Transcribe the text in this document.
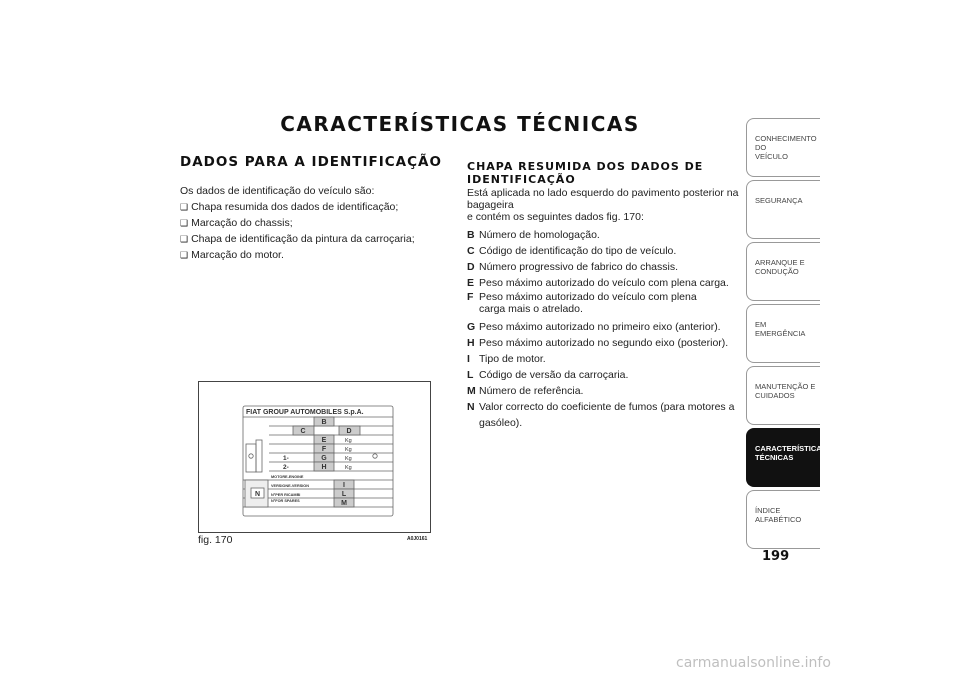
CARACTERÍSTICAS TÉCNICAS
DADOS PARA A IDENTIFICAÇÃO

Os dados de identificação do veículo são:

❑ Chapa resumida dos dados de identificação;

❑ Marcação do chassis;

❑ Chapa de identificação da pintura da carroçaria;

❑ Marcação do motor.

CHAPA RESUMIDA DOS DADOS DE
IDENTIFICAÇÃO
Está aplicada no lado esquerdo do pavimento posterior na bagageira
e contém os seguintes dados fig. 170:
B Número de homologação.
C Código de identificação do tipo de veículo.
D Número progressivo de fabrico do chassis.
E Peso máximo autorizado do veículo com plena carga.
F Peso máximo autorizado do veículo com plena carga mais o atrelado.
G Peso máximo autorizado no primeiro eixo (anterior).
H Peso máximo autorizado no segundo eixo (posterior).
I Tipo de motor.
L Código de versão da carroçaria.
M Número de referência.
N Valor correcto do coeficiente de fumos (para motores a gasóleo).
FIAT GROUP AUTOMOBILES S.p.A.
B
C	D
E
F
G
H
I
L
M
N
Kg
Kg
Kg
Kg
1-
2-
MOTORE-ENGINE
VERSIONE-VERSION
N°PER RICAMBI
N°FOR SPARES
fig. 170	A0J0161
CONHECIMENTO DO
VEÍCULO
SEGURANÇA
ARRANQUE E
CONDUÇÃO
EM EMERGÊNCIA
MANUTENÇÃO E
CUIDADOS
CARACTERÍSTICAS
TÉCNICAS
ÍNDICE ALFABÉTICO
199
carmanualsonline.info
